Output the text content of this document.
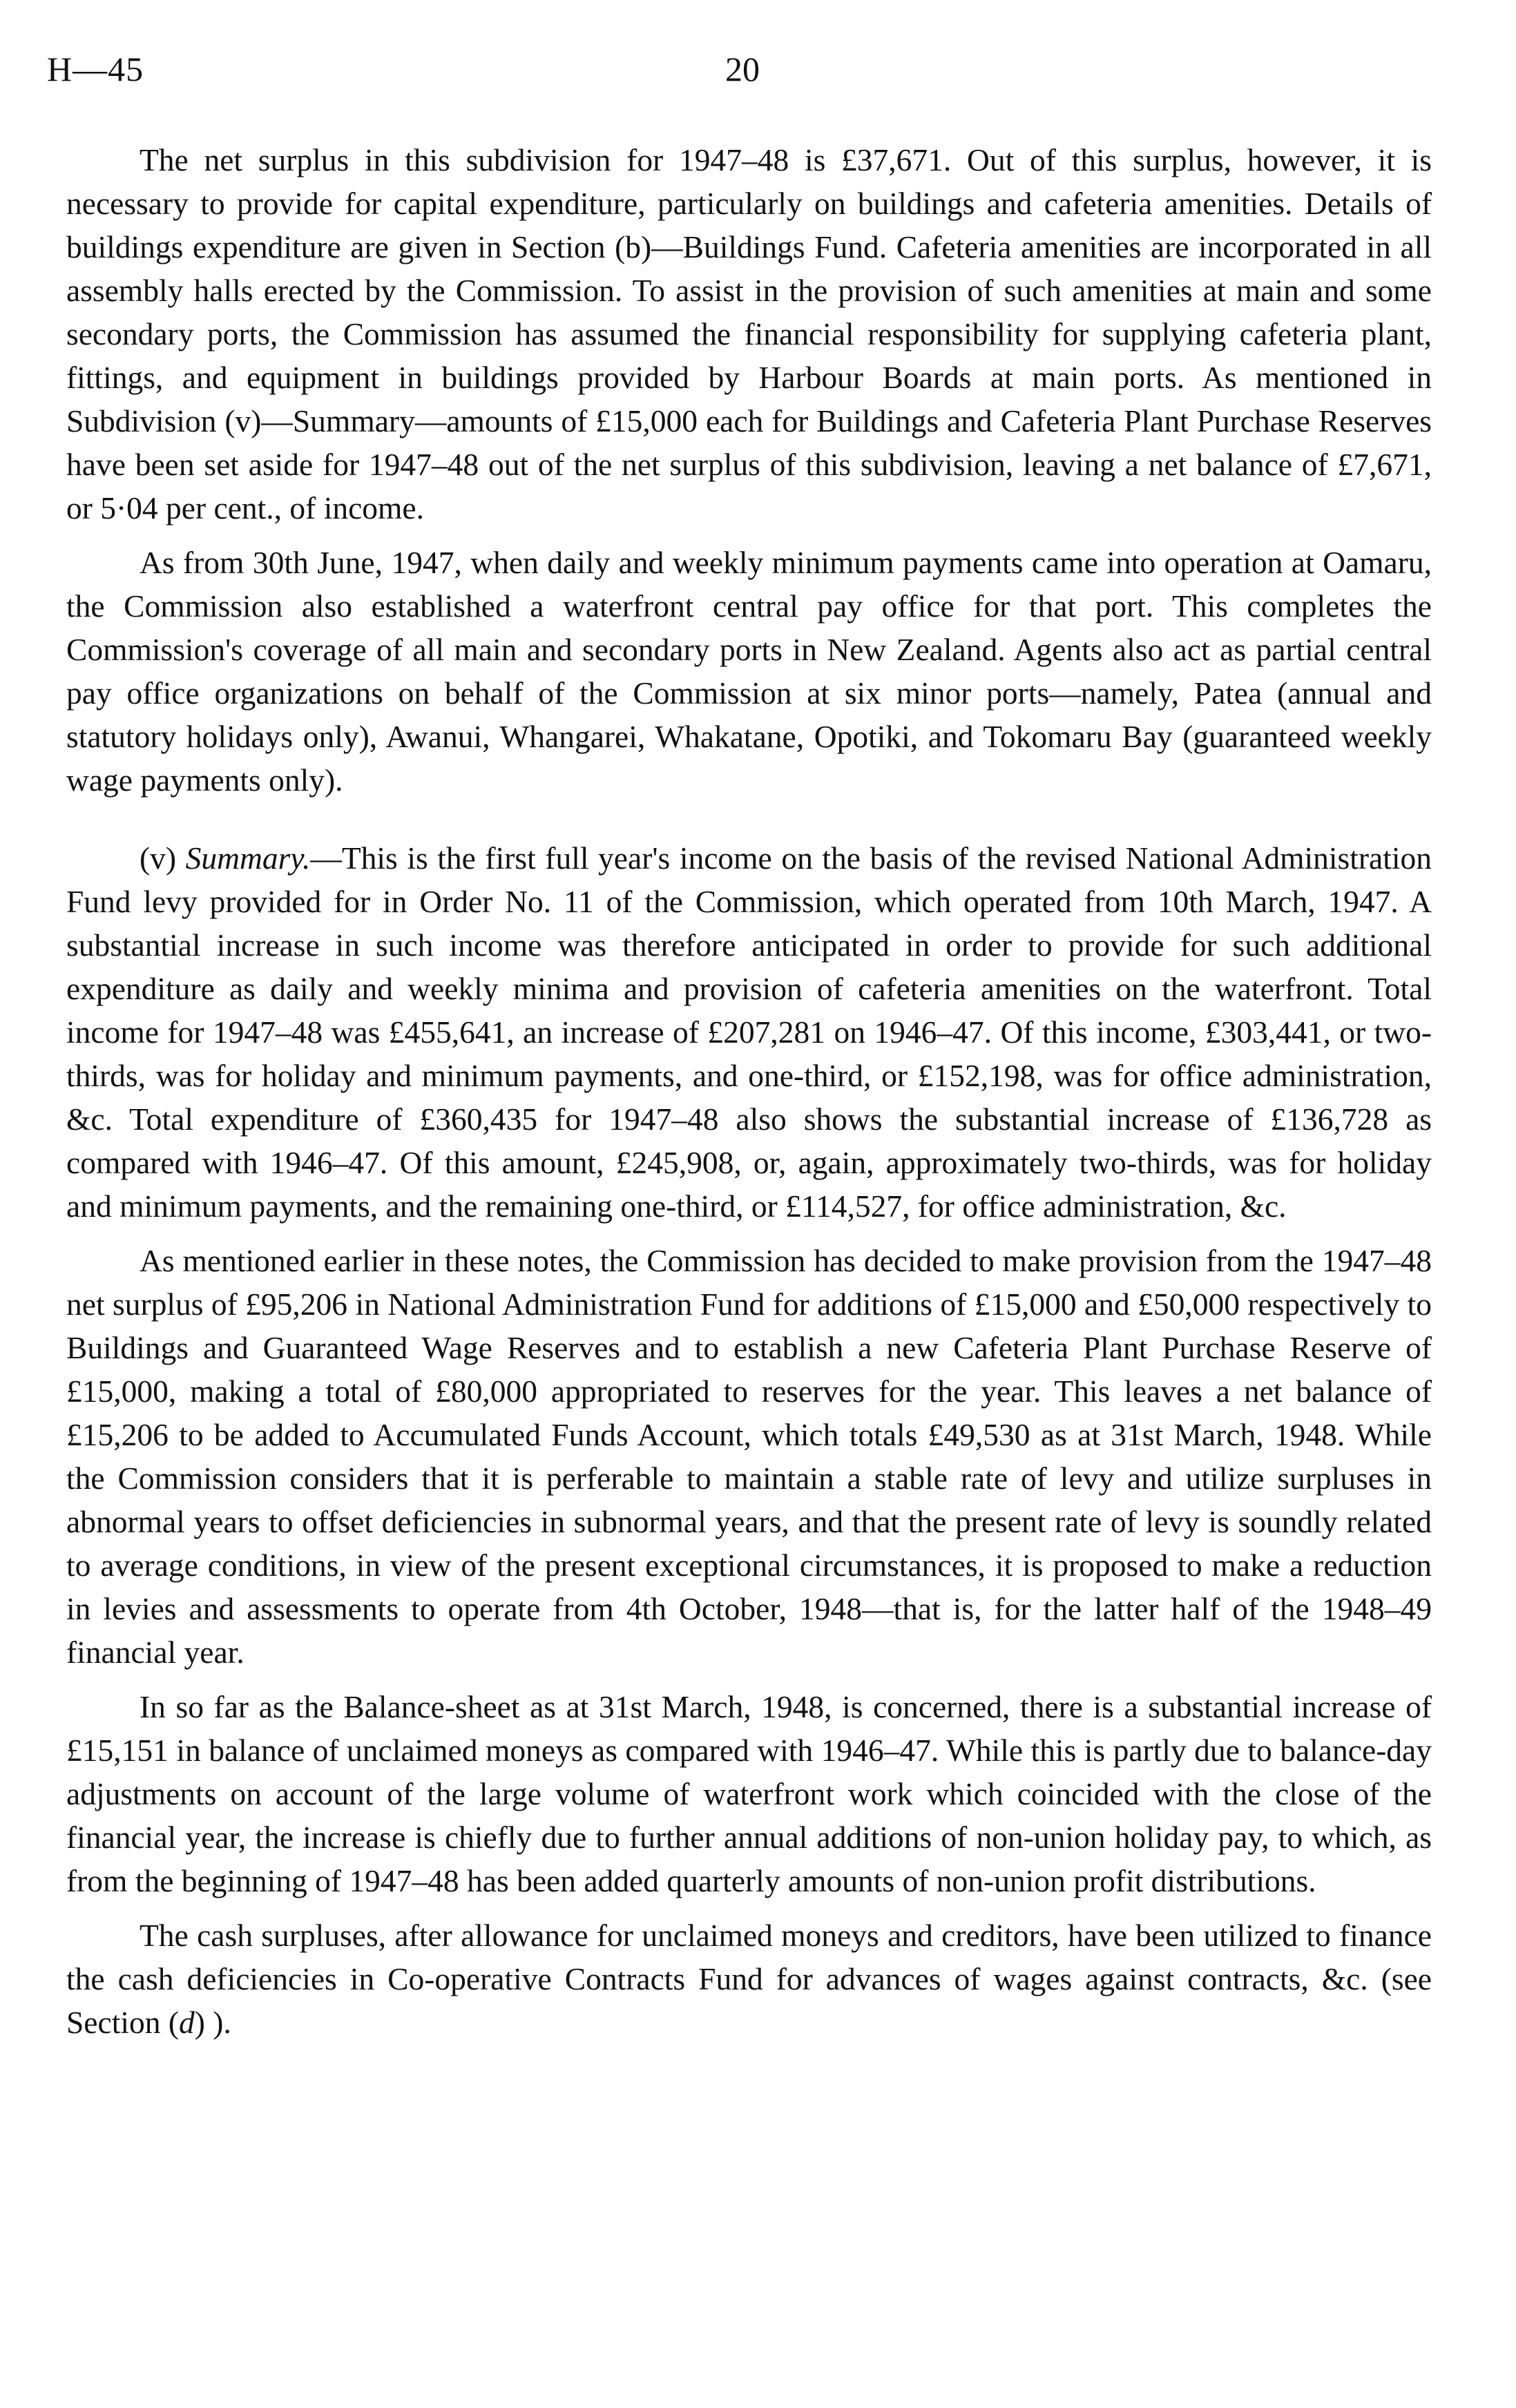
H—45	20

The net surplus in this subdivision for 1947–48 is £37,671. Out of this surplus, however, it is necessary to provide for capital expenditure, particularly on buildings and cafeteria amenities. Details of buildings expenditure are given in Section (b)—Buildings Fund. Cafeteria amenities are incorporated in all assembly halls erected by the Commission. To assist in the provision of such amenities at main and some secondary ports, the Commission has assumed the financial responsibility for supplying cafeteria plant, fittings, and equipment in buildings provided by Harbour Boards at main ports. As mentioned in Subdivision (v)—Summary—amounts of £15,000 each for Buildings and Cafeteria Plant Purchase Reserves have been set aside for 1947–48 out of the net surplus of this subdivision, leaving a net balance of £7,671, or 5·04 per cent., of income.

As from 30th June, 1947, when daily and weekly minimum payments came into operation at Oamaru, the Commission also established a waterfront central pay office for that port. This completes the Commission's coverage of all main and secondary ports in New Zealand. Agents also act as partial central pay office organizations on behalf of the Commission at six minor ports—namely, Patea (annual and statutory holidays only), Awanui, Whangarei, Whakatane, Opotiki, and Tokomaru Bay (guaranteed weekly wage payments only).

(v) Summary.—This is the first full year's income on the basis of the revised National Administration Fund levy provided for in Order No. 11 of the Commission, which operated from 10th March, 1947. A substantial increase in such income was therefore anticipated in order to provide for such additional expenditure as daily and weekly minima and provision of cafeteria amenities on the waterfront. Total income for 1947–48 was £455,641, an increase of £207,281 on 1946–47. Of this income, £303,441, or two-thirds, was for holiday and minimum payments, and one-third, or £152,198, was for office administration, &c. Total expenditure of £360,435 for 1947–48 also shows the substantial increase of £136,728 as compared with 1946–47. Of this amount, £245,908, or, again, approximately two-thirds, was for holiday and minimum payments, and the remaining one-third, or £114,527, for office administration, &c.

As mentioned earlier in these notes, the Commission has decided to make provision from the 1947–48 net surplus of £95,206 in National Administration Fund for additions of £15,000 and £50,000 respectively to Buildings and Guaranteed Wage Reserves and to establish a new Cafeteria Plant Purchase Reserve of £15,000, making a total of £80,000 appropriated to reserves for the year. This leaves a net balance of £15,206 to be added to Accumulated Funds Account, which totals £49,530 as at 31st March, 1948. While the Commission considers that it is perferable to maintain a stable rate of levy and utilize surpluses in abnormal years to offset deficiencies in subnormal years, and that the present rate of levy is soundly related to average conditions, in view of the present exceptional circumstances, it is proposed to make a reduction in levies and assessments to operate from 4th October, 1948—that is, for the latter half of the 1948–49 financial year.

In so far as the Balance-sheet as at 31st March, 1948, is concerned, there is a substantial increase of £15,151 in balance of unclaimed moneys as compared with 1946–47. While this is partly due to balance-day adjustments on account of the large volume of waterfront work which coincided with the close of the financial year, the increase is chiefly due to further annual additions of non-union holiday pay, to which, as from the beginning of 1947–48 has been added quarterly amounts of non-union profit distributions.

The cash surpluses, after allowance for unclaimed moneys and creditors, have been utilized to finance the cash deficiencies in Co-operative Contracts Fund for advances of wages against contracts, &c. (see Section (d) ).
